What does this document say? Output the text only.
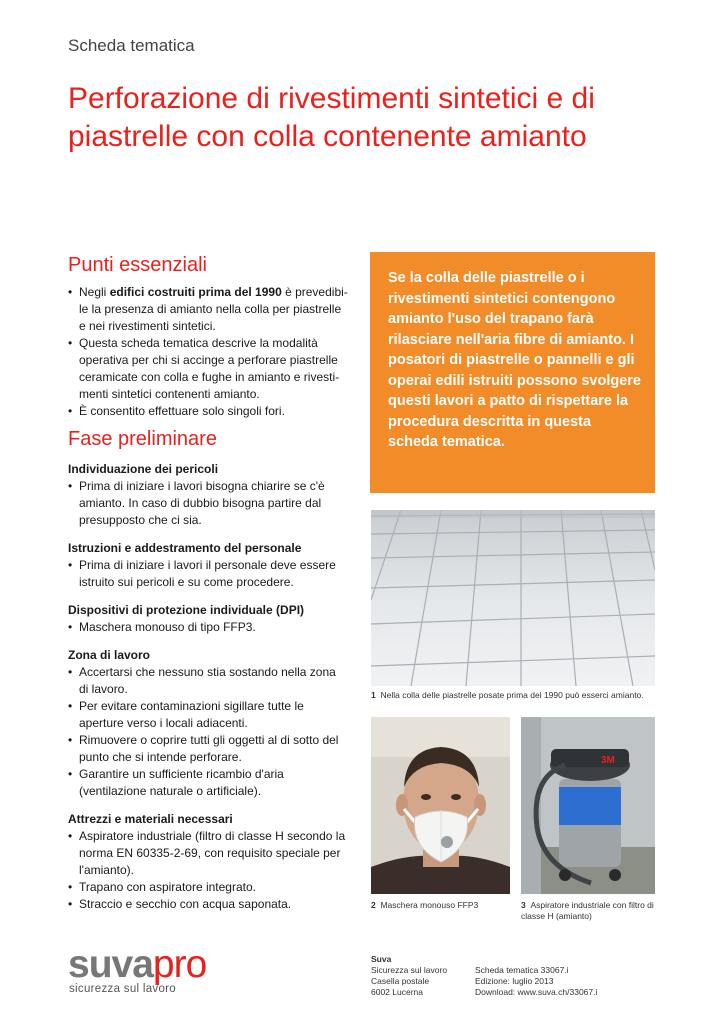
Scheda tematica
Perforazione di rivestimenti sintetici e di
piastrelle con colla contenente amianto
Punti essenziali
• Negli edifici costruiti prima del 1990 è prevedibi-le la presenza di amianto nella colla per piastrelle e nei rivestimenti sintetici.
• Questa scheda tematica descrive la modalità operativa per chi si accinge a perforare piastrelle ceramicate con colla e fughe in amianto e rivesti-menti sintetici contenenti amianto.
• È consentito effettuare solo singoli fori.
Fase preliminare
Individuazione dei pericoli
• Prima di iniziare i lavori bisogna chiarire se c'è amianto. In caso di dubbio bisogna partire dal presupposto che ci sia.
Istruzioni e addestramento del personale
• Prima di iniziare i lavori il personale deve essere istruito sui pericoli e su come procedere.
Dispositivi di protezione individuale (DPI)
• Maschera monouso di tipo FFP3.
Zona di lavoro
• Accertarsi che nessuno stia sostando nella zona di lavoro.
• Per evitare contaminazioni sigillare tutte le aperture verso i locali adiacenti.
• Rimuovere o coprire tutti gli oggetti al di sotto del punto che si intende perforare.
• Garantire un sufficiente ricambio d'aria (ventilazione naturale o artificiale).
Attrezzi e materiali necessari
• Aspiratore industriale (filtro di classe H secondo la norma EN 60335-2-69, con requisito speciale per l'amianto).
• Trapano con aspiratore integrato.
• Straccio e secchio con acqua saponata.
Se la colla delle piastrelle o i rivestimenti sintetici contengono amianto l'uso del trapano farà rilasciare nell'aria fibre di amianto. I posatori di piastrelle o pannelli e gli operai edili istruiti possono svolgere questi lavori a patto di rispettare la procedura descritta in questa scheda tematica.
1 Nella colla delle piastrelle posate prima del 1990 può esserci amianto.
2 Maschera monouso FFP3
3M
3 Aspiratore industriale con filtro di classe H (amianto)
suvapro
sicurezza sul lavoro
Suva
Sicurezza sul lavoro
Casella postale
6002 Lucerna
Scheda tematica 33067.i
Edizione: luglio 2013
Download: www.suva.ch/33067.i
